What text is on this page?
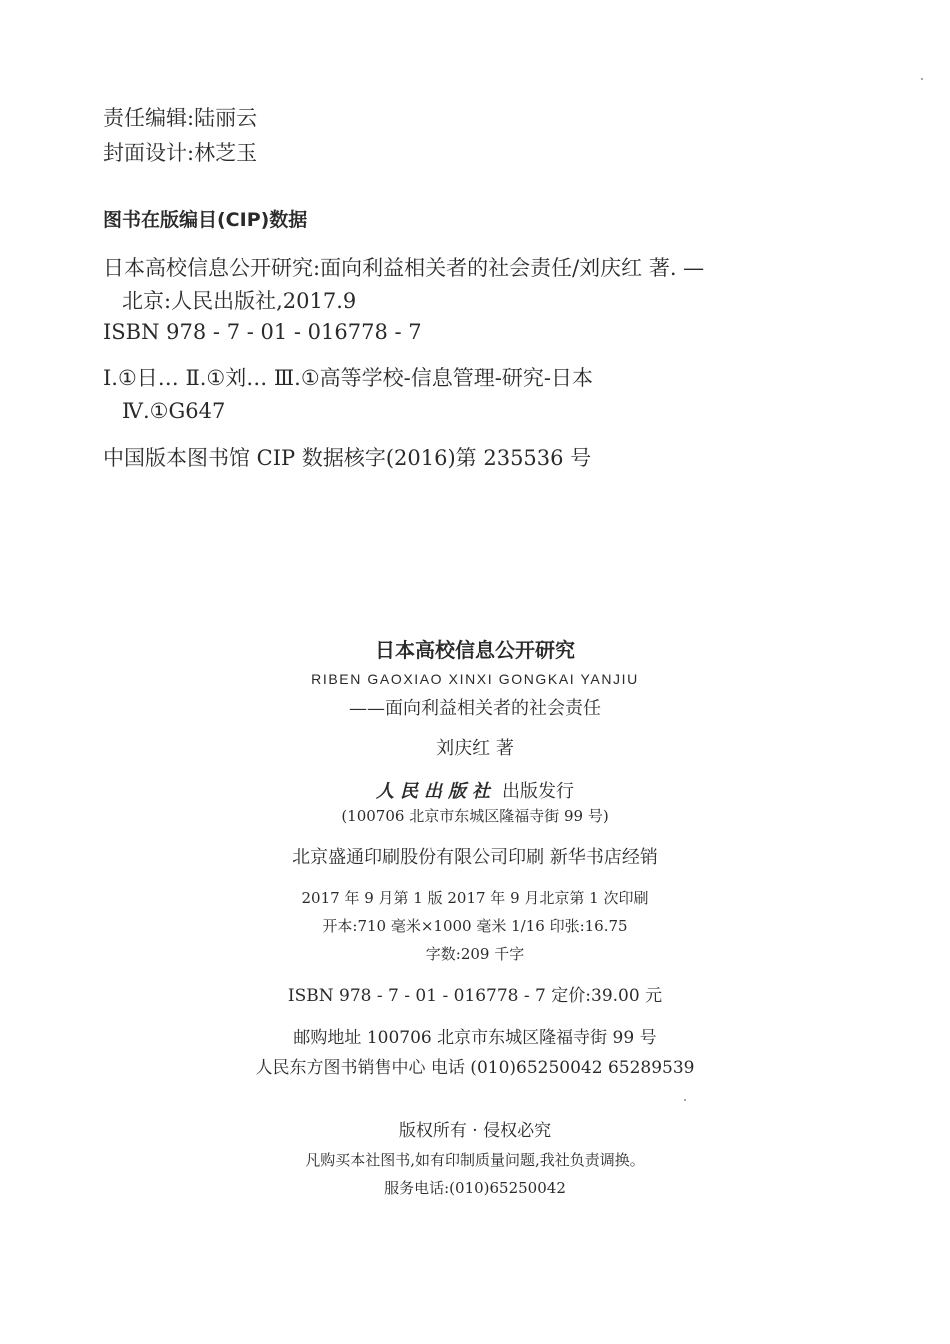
责任编辑:陆丽云
封面设计:林芝玉
图书在版编目(CIP)数据
日本高校信息公开研究:面向利益相关者的社会责任/刘庆红 著. —
北京:人民出版社,2017.9
ISBN 978 - 7 - 01 - 016778 - 7
Ⅰ.①日… Ⅱ.①刘… Ⅲ.①高等学校-信息管理-研究-日本
Ⅳ.①G647
中国版本图书馆 CIP 数据核字(2016)第 235536 号
日本高校信息公开研究
RIBEN GAOXIAO XINXI GONGKAI YANJIU
——面向利益相关者的社会责任
刘庆红 著
人民出版社 出版发行
(100706 北京市东城区隆福寺街 99 号)
北京盛通印刷股份有限公司印刷 新华书店经销
2017 年 9 月第 1 版 2017 年 9 月北京第 1 次印刷
开本:710 毫米×1000 毫米 1/16 印张:16.75
字数:209 千字
ISBN 978 - 7 - 01 - 016778 - 7 定价:39.00 元
邮购地址 100706 北京市东城区隆福寺街 99 号
人民东方图书销售中心 电话 (010)65250042 65289539
版权所有 · 侵权必究
凡购买本社图书,如有印制质量问题,我社负责调换。
服务电话:(010)65250042
